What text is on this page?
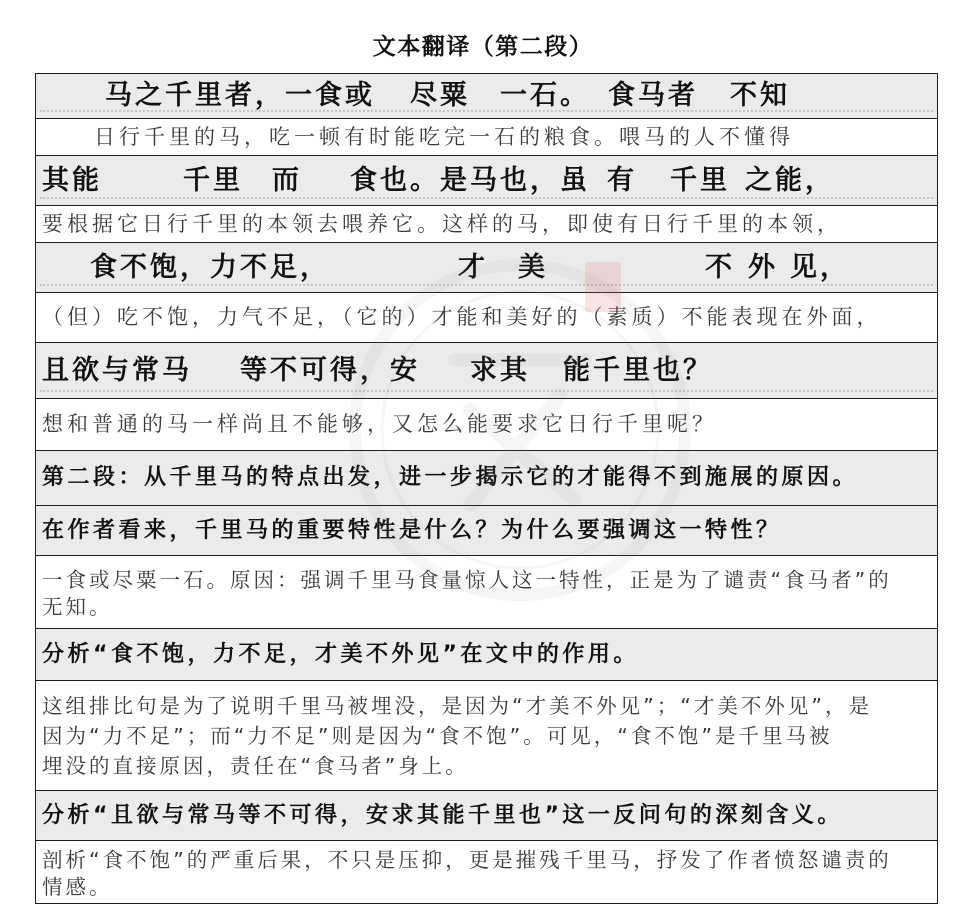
文本翻译（第二段）
马之千里者，一食或 尽粟 一石。 食马者 不知
日行千里的马，吃一顿有时能吃完一石的粮食。喂马的人不懂得
其能	千里 而 食也。是马也，虽 有 千里 之能，
要根据它日行千里的本领去喂养它。这样的马，即使有日行千里的本领，
食不饱，力不足，	才 美	不 外 见，
（但）吃不饱，力气不足，（它的）才能和美好的（素质）不能表现在外面，
且欲与常马 等不可得，安 求其 能千里也？
想和普通的马一样尚且不能够，又怎么能要求它日行千里呢？
第二段：从千里马的特点出发，进一步揭示它的才能得不到施展的原因。
在作者看来，千里马的重要特性是什么？为什么要强调这一特性？
一食或尽粟一石。原因：强调千里马食量惊人这一特性，正是为了谴责“食马者”的
无知。
分析“食不饱，力不足，才美不外见”在文中的作用。
这组排比句是为了说明千里马被埋没，是因为“才美不外见”；“才美不外见”，是
因为“力不足”；而“力不足”则是因为“食不饱”。可见，“食不饱”是千里马被
埋没的直接原因，责任在“食马者”身上。
分析“且欲与常马等不可得，安求其能千里也”这一反问句的深刻含义。
剖析“食不饱”的严重后果，不只是压抑，更是摧残千里马，抒发了作者愤怒谴责的
情感。
